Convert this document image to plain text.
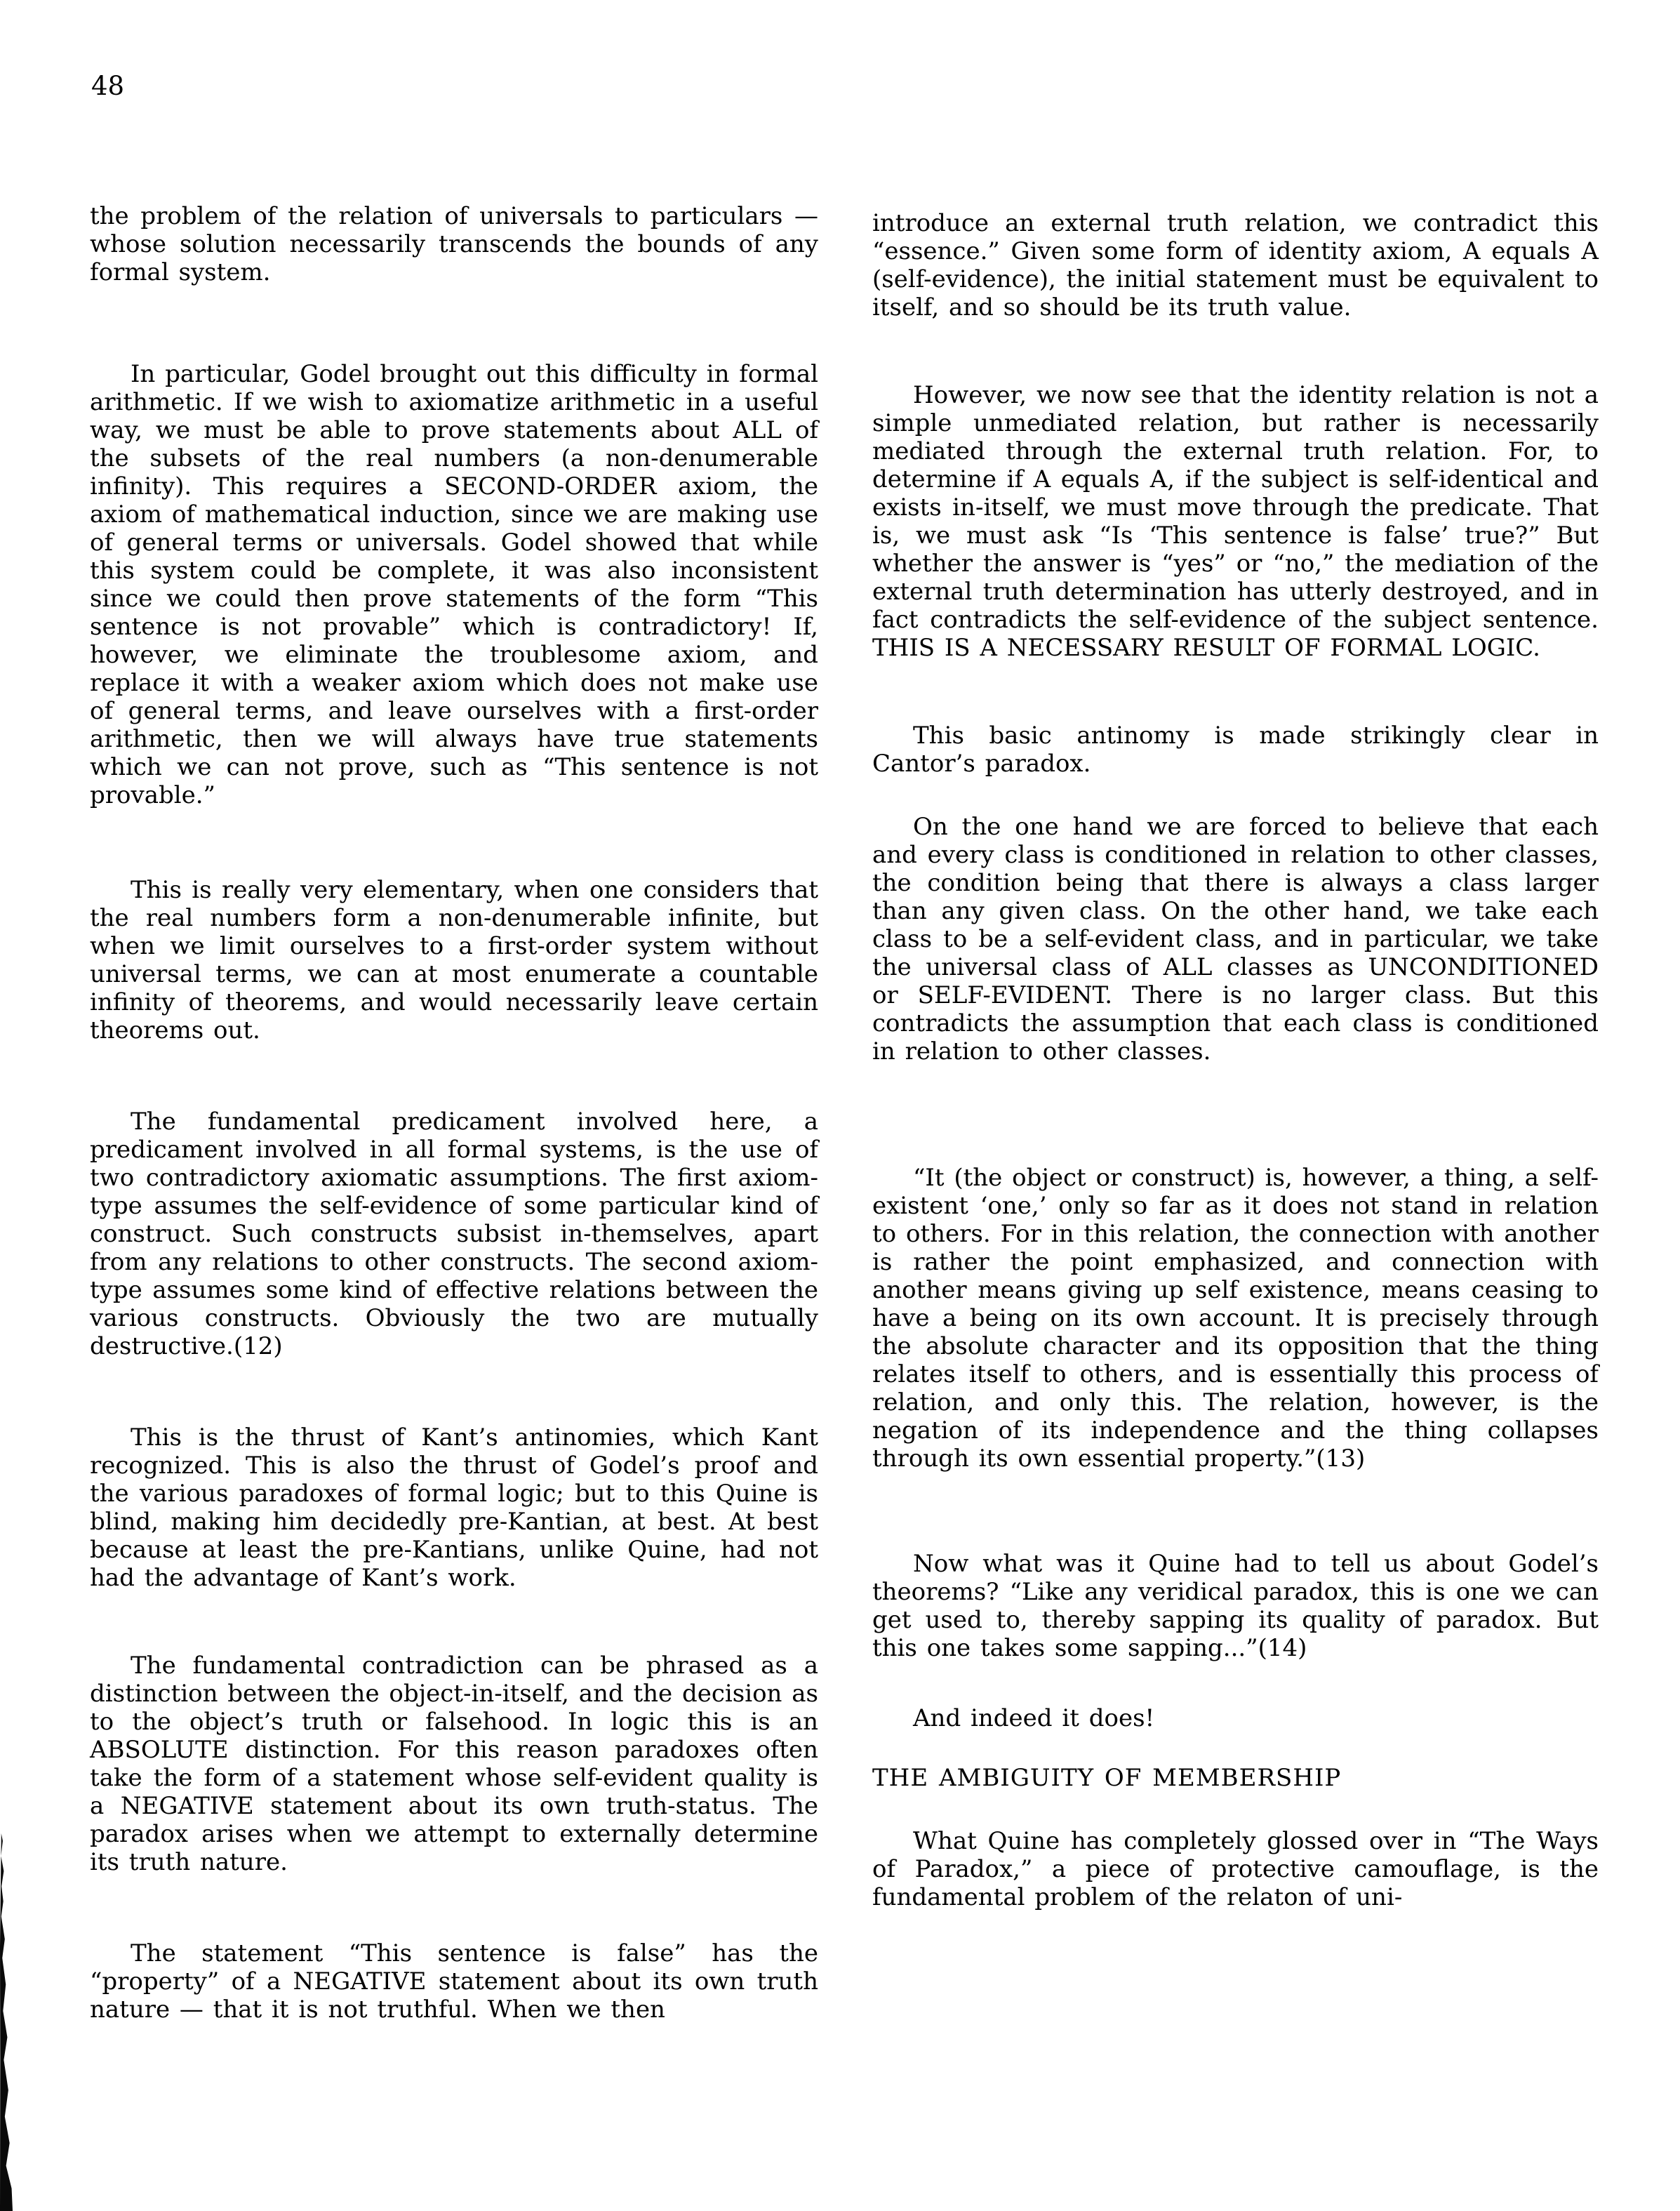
48

the problem of the relation of universals to particulars — whose solution necessarily transcends the bounds of any formal system.

In particular, Godel brought out this difficulty in formal arithmetic. If we wish to axiomatize arithmetic in a useful way, we must be able to prove statements about ALL of the subsets of the real numbers (a non-denumerable infinity). This requires a SECOND-ORDER axiom, the axiom of mathematical induction, since we are making use of general terms or universals. Godel showed that while this system could be complete, it was also inconsistent since we could then prove statements of the form “This sentence is not provable” which is contradictory! If, however, we eliminate the troublesome axiom, and replace it with a weaker axiom which does not make use of general terms, and leave ourselves with a first-order arithmetic, then we will always have true statements which we can not prove, such as “This sentence is not provable.”

This is really very elementary, when one considers that the real numbers form a non-denumerable infinite, but when we limit ourselves to a first-order system without universal terms, we can at most enumerate a countable infinity of theorems, and would necessarily leave certain theorems out.

The fundamental predicament involved here, a predicament involved in all formal systems, is the use of two contradictory axiomatic assumptions. The first axiom-type assumes the self-evidence of some particular kind of construct. Such constructs subsist in-themselves, apart from any relations to other constructs. The second axiom-type assumes some kind of effective relations between the various constructs. Obviously the two are mutually destructive.(12)

This is the thrust of Kant’s antinomies, which Kant recognized. This is also the thrust of Godel’s proof and the various paradoxes of formal logic; but to this Quine is blind, making him decidedly pre-Kantian, at best. At best because at least the pre-Kantians, unlike Quine, had not had the advantage of Kant’s work.

The fundamental contradiction can be phrased as a distinction between the object-in-itself, and the decision as to the object’s truth or falsehood. In logic this is an ABSOLUTE distinction. For this reason paradoxes often take the form of a statement whose self-evident quality is a NEGATIVE statement about its own truth-status. The paradox arises when we attempt to externally determine its truth nature.

The statement “This sentence is false” has the “property” of a NEGATIVE statement about its own truth nature — that it is not truthful. When we then

introduce an external truth relation, we contradict this “essence.” Given some form of identity axiom, A equals A (self-evidence), the initial statement must be equivalent to itself, and so should be its truth value.

However, we now see that the identity relation is not a simple unmediated relation, but rather is necessarily mediated through the external truth relation. For, to determine if A equals A, if the subject is self-identical and exists in-itself, we must move through the predicate. That is, we must ask “Is ‘This sentence is false’ true?” But whether the answer is “yes” or “no,” the mediation of the external truth determination has utterly destroyed, and in fact contradicts the self-evidence of the subject sentence. THIS IS A NECESSARY RESULT OF FORMAL LOGIC.

This basic antinomy is made strikingly clear in Cantor’s paradox.

On the one hand we are forced to believe that each and every class is conditioned in relation to other classes, the condition being that there is always a class larger than any given class. On the other hand, we take each class to be a self-evident class, and in particular, we take the universal class of ALL classes as UNCONDITIONED or SELF-EVIDENT. There is no larger class. But this contradicts the assumption that each class is conditioned in relation to other classes.

“It (the object or construct) is, however, a thing, a self-existent ‘one,’ only so far as it does not stand in relation to others. For in this relation, the connection with another is rather the point emphasized, and connection with another means giving up self existence, means ceasing to have a being on its own account. It is precisely through the absolute character and its opposition that the thing relates itself to others, and is essentially this process of relation, and only this. The relation, however, is the negation of its independence and the thing collapses through its own essential property.”(13)

Now what was it Quine had to tell us about Godel’s theorems? “Like any veridical paradox, this is one we can get used to, thereby sapping its quality of paradox. But this one takes some sapping...”(14)

And indeed it does!

THE AMBIGUITY OF MEMBERSHIP

What Quine has completely glossed over in “The Ways of Paradox,” a piece of protective camouflage, is the fundamental problem of the relaton of uni-
